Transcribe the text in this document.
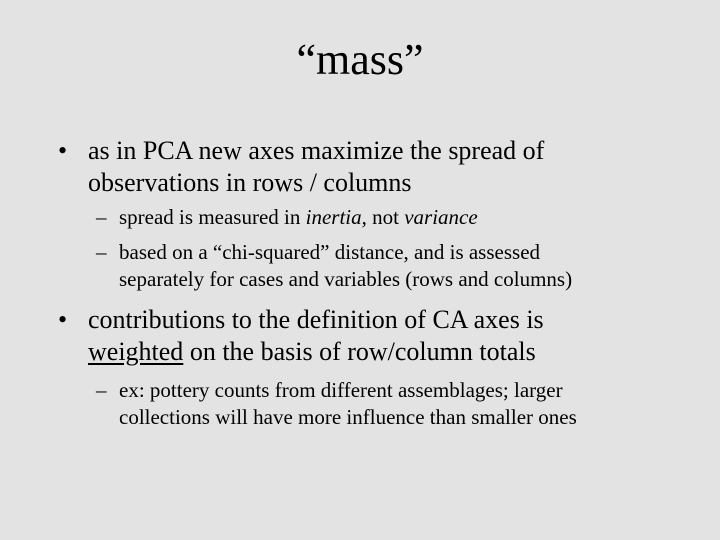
“mass”
• as in PCA new axes maximize the spread of
observations in rows / columns
– spread is measured in inertia, not variance
– based on a “chi-squared” distance, and is assessed
separately for cases and variables (rows and columns)
• contributions to the definition of CA axes is
weighted on the basis of row/column totals
– ex: pottery counts from different assemblages; larger
collections will have more influence than smaller ones
